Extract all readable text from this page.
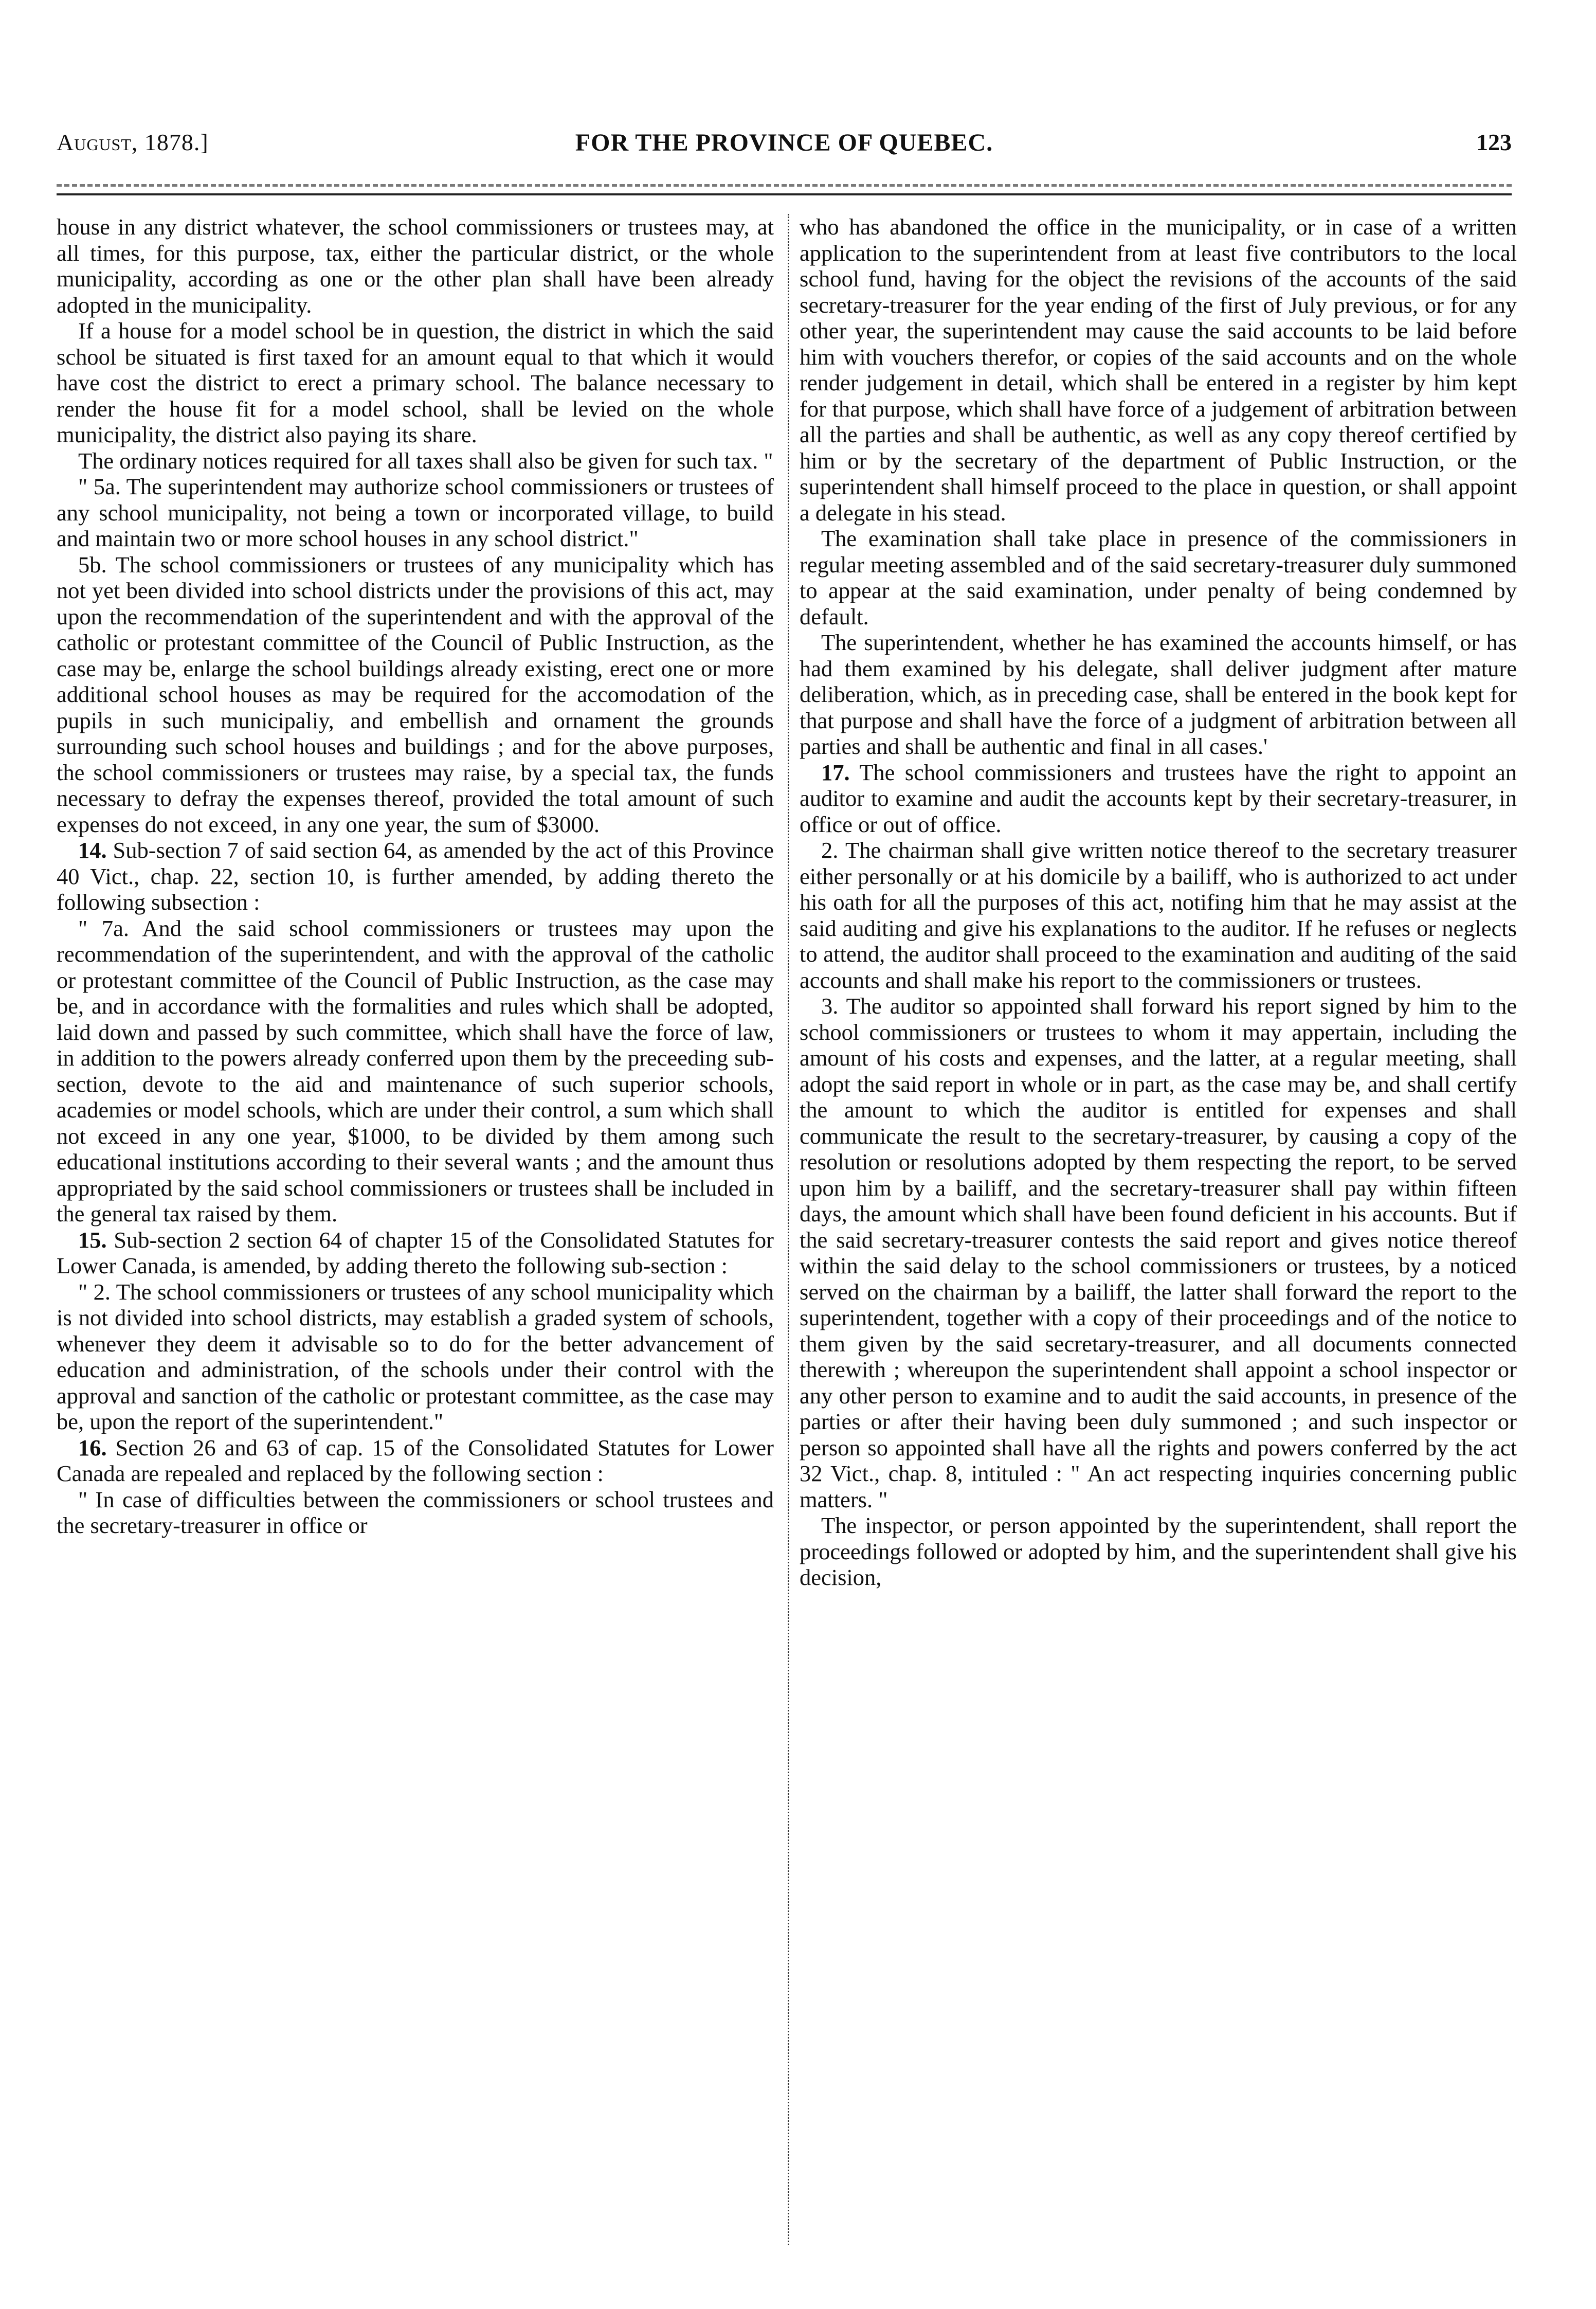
August, 1878.]	FOR THE PROVINCE OF QUEBEC.	123

house in any district whatever, the school commissioners or trustees may, at all times, for this purpose, tax, either the particular district, or the whole municipality, according as one or the other plan shall have been already adopted in the municipality.

If a house for a model school be in question, the district in which the said school be situated is first taxed for an amount equal to that which it would have cost the district to erect a primary school. The balance necessary to render the house fit for a model school, shall be levied on the whole municipality, the district also paying its share.

The ordinary notices required for all taxes shall also be given for such tax. "

" 5a. The superintendent may authorize school commissioners or trustees of any school municipality, not being a town or incorporated village, to build and maintain two or more school houses in any school district."

5b. The school commissioners or trustees of any municipality which has not yet been divided into school districts under the provisions of this act, may upon the recommendation of the superintendent and with the approval of the catholic or protestant committee of the Council of Public Instruction, as the case may be, enlarge the school buildings already existing, erect one or more additional school houses as may be required for the accomodation of the pupils in such municipaliy, and embellish and ornament the grounds surrounding such school houses and buildings ; and for the above purposes, the school commissioners or trustees may raise, by a special tax, the funds necessary to defray the expenses thereof, provided the total amount of such expenses do not exceed, in any one year, the sum of $3000.

14. Sub-section 7 of said section 64, as amended by the act of this Province 40 Vict., chap. 22, section 10, is further amended, by adding thereto the following subsection :

" 7a. And the said school commissioners or trustees may upon the recommendation of the superintendent, and with the approval of the catholic or protestant committee of the Council of Public Instruction, as the case may be, and in accordance with the formalities and rules which shall be adopted, laid down and passed by such committee, which shall have the force of law, in addition to the powers already conferred upon them by the preceeding sub-section, devote to the aid and maintenance of such superior schools, academies or model schools, which are under their control, a sum which shall not exceed in any one year, $1000, to be divided by them among such educational institutions according to their several wants ; and the amount thus appropriated by the said school commissioners or trustees shall be included in the general tax raised by them.

15. Sub-section 2 section 64 of chapter 15 of the Consolidated Statutes for Lower Canada, is amended, by adding thereto the following sub-section :

" 2. The school commissioners or trustees of any school municipality which is not divided into school districts, may establish a graded system of schools, whenever they deem it advisable so to do for the better advancement of education and administration, of the schools under their control with the approval and sanction of the catholic or protestant committee, as the case may be, upon the report of the superintendent."

16. Section 26 and 63 of cap. 15 of the Consolidated Statutes for Lower Canada are repealed and replaced by the following section :

" In case of difficulties between the commissioners or school trustees and the secretary-treasurer in office or

who has abandoned the office in the municipality, or in case of a written application to the superintendent from at least five contributors to the local school fund, having for the object the revisions of the accounts of the said secretary-treasurer for the year ending of the first of July previous, or for any other year, the superintendent may cause the said accounts to be laid before him with vouchers therefor, or copies of the said accounts and on the whole render judgement in detail, which shall be entered in a register by him kept for that purpose, which shall have force of a judgement of arbitration between all the parties and shall be authentic, as well as any copy thereof certified by him or by the secretary of the department of Public Instruction, or the superintendent shall himself proceed to the place in question, or shall appoint a delegate in his stead.

The examination shall take place in presence of the commissioners in regular meeting assembled and of the said secretary-treasurer duly summoned to appear at the said examination, under penalty of being condemned by default.

The superintendent, whether he has examined the accounts himself, or has had them examined by his delegate, shall deliver judgment after mature deliberation, which, as in preceding case, shall be entered in the book kept for that purpose and shall have the force of a judgment of arbitration between all parties and shall be authentic and final in all cases.'

17. The school commissioners and trustees have the right to appoint an auditor to examine and audit the accounts kept by their secretary-treasurer, in office or out of office.

2. The chairman shall give written notice thereof to the secretary treasurer either personally or at his domicile by a bailiff, who is authorized to act under his oath for all the purposes of this act, notifing him that he may assist at the said auditing and give his explanations to the auditor. If he refuses or neglects to attend, the auditor shall proceed to the examination and auditing of the said accounts and shall make his report to the commissioners or trustees.

3. The auditor so appointed shall forward his report signed by him to the school commissioners or trustees to whom it may appertain, including the amount of his costs and expenses, and the latter, at a regular meeting, shall adopt the said report in whole or in part, as the case may be, and shall certify the amount to which the auditor is entitled for expenses and shall communicate the result to the secretary-treasurer, by causing a copy of the resolution or resolutions adopted by them respecting the report, to be served upon him by a bailiff, and the secretary-treasurer shall pay within fifteen days, the amount which shall have been found deficient in his accounts. But if the said secretary-treasurer contests the said report and gives notice thereof within the said delay to the school commissioners or trustees, by a noticed served on the chairman by a bailiff, the latter shall forward the report to the superintendent, together with a copy of their proceedings and of the notice to them given by the said secretary-treasurer, and all documents connected therewith ; whereupon the superintendent shall appoint a school inspector or any other person to examine and to audit the said accounts, in presence of the parties or after their having been duly summoned ; and such inspector or person so appointed shall have all the rights and powers conferred by the act 32 Vict., chap. 8, intituled : " An act respecting inquiries concerning public matters. "

The inspector, or person appointed by the superintendent, shall report the proceedings followed or adopted by him, and the superintendent shall give his decision,
